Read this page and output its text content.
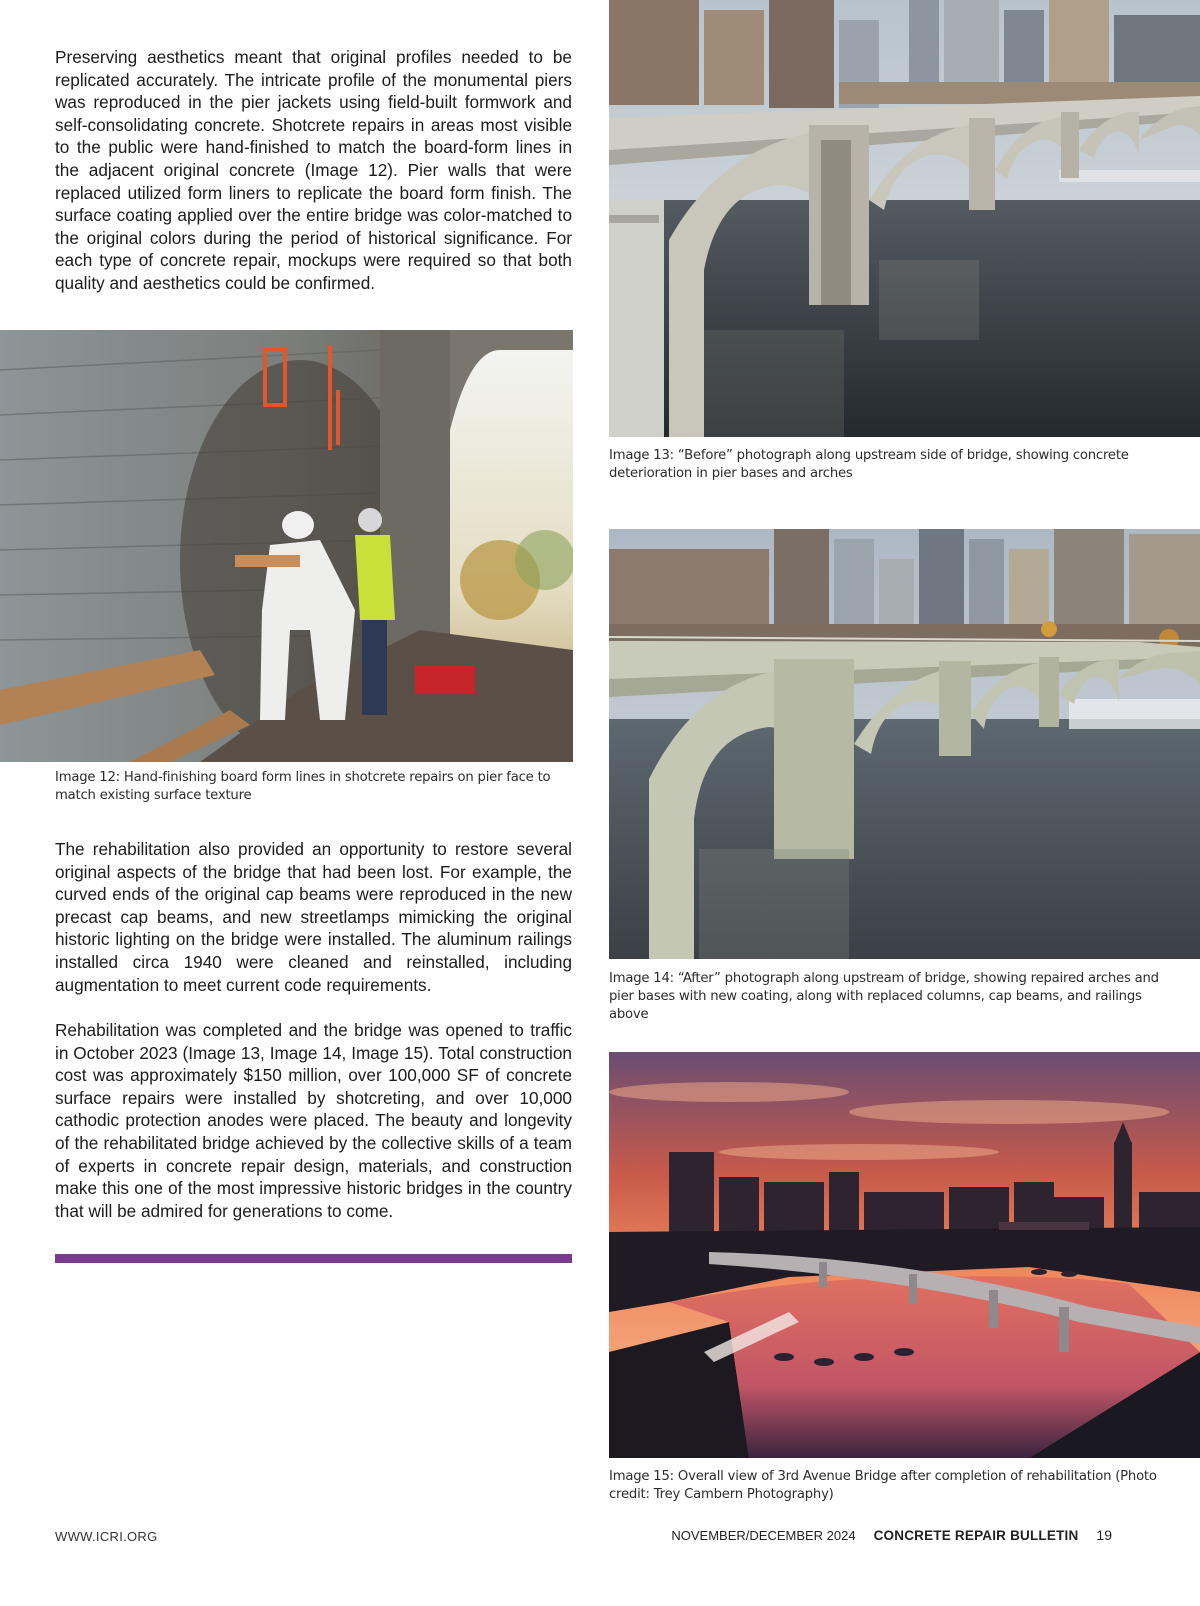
Preserving aesthetics meant that original profiles needed to be replicated accurately. The intricate profile of the monumental piers was reproduced in the pier jackets using field-built formwork and self-consolidating concrete. Shotcrete repairs in areas most visible to the public were hand-finished to match the board-form lines in the adjacent original concrete (Image 12). Pier walls that were replaced utilized form liners to replicate the board form finish. The surface coating applied over the entire bridge was color-matched to the original colors during the period of historical significance. For each type of concrete repair, mockups were required so that both quality and aesthetics could be confirmed.

Image 13: “Before” photograph along upstream side of bridge, showing concrete deterioration in pier bases and arches

Image 12: Hand-finishing board form lines in shotcrete repairs on pier face to match existing surface texture

The rehabilitation also provided an opportunity to restore several original aspects of the bridge that had been lost. For example, the curved ends of the original cap beams were reproduced in the new precast cap beams, and new streetlamps mimicking the original historic lighting on the bridge were installed. The aluminum railings installed circa 1940 were cleaned and reinstalled, including augmentation to meet current code requirements.

Rehabilitation was completed and the bridge was opened to traffic in October 2023 (Image 13, Image 14, Image 15). Total construction cost was approximately $150 million, over 100,000 SF of concrete surface repairs were installed by shotcreting, and over 10,000 cathodic protection anodes were placed. The beauty and longevity of the rehabilitated bridge achieved by the collective skills of a team of experts in concrete repair design, materials, and construction make this one of the most impressive historic bridges in the country that will be admired for generations to come.

Image 14: “After” photograph along upstream of bridge, showing repaired arches and pier bases with new coating, along with replaced columns, cap beams, and railings above

Image 15: Overall view of 3rd Avenue Bridge after completion of rehabilitation (Photo credit: Trey Cambern Photography)

WWW.ICRI.ORG	NOVEMBER/DECEMBER 2024 CONCRETE REPAIR BULLETIN 19
